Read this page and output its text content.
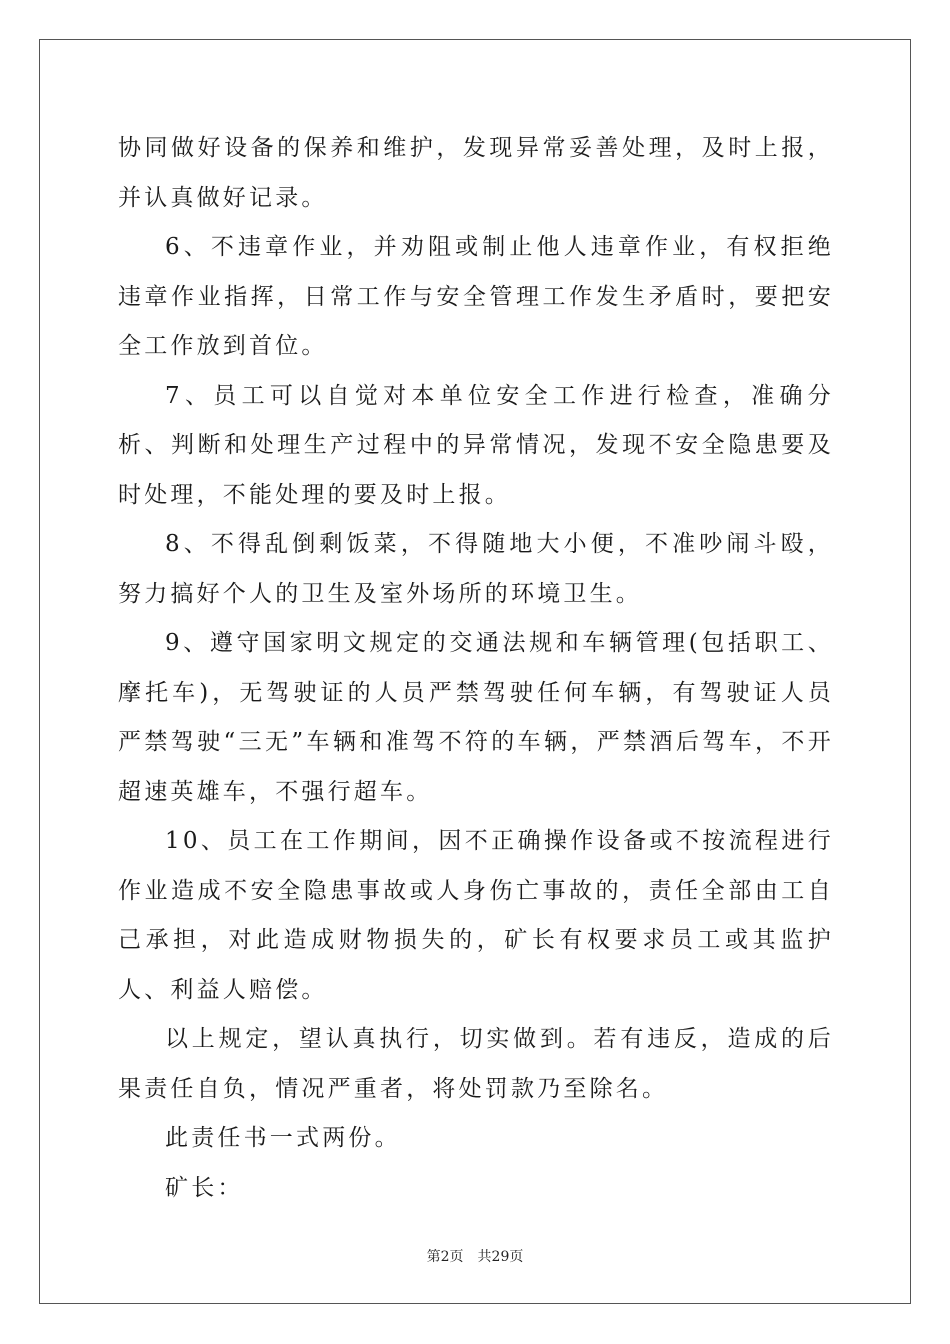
协同做好设备的保养和维护，发现异常妥善处理，及时上报，并认真做好记录。

6、不违章作业，并劝阻或制止他人违章作业，有权拒绝违章作业指挥，日常工作与安全管理工作发生矛盾时，要把安全工作放到首位。

7、员工可以自觉对本单位安全工作进行检查，准确分析、判断和处理生产过程中的异常情况，发现不安全隐患要及时处理，不能处理的要及时上报。

8、不得乱倒剩饭菜，不得随地大小便，不准吵闹斗殴，努力搞好个人的卫生及室外场所的环境卫生。

9、遵守国家明文规定的交通法规和车辆管理(包括职工、摩托车)，无驾驶证的人员严禁驾驶任何车辆，有驾驶证人员严禁驾驶“三无”车辆和准驾不符的车辆，严禁酒后驾车，不开超速英雄车，不强行超车。

10、员工在工作期间，因不正确操作设备或不按流程进行作业造成不安全隐患事故或人身伤亡事故的，责任全部由工自己承担，对此造成财物损失的，矿长有权要求员工或其监护人、利益人赔偿。

以上规定，望认真执行，切实做到。若有违反，造成的后果责任自负，情况严重者，将处罚款乃至除名。

此责任书一式两份。

矿长：

第2页 共29页
